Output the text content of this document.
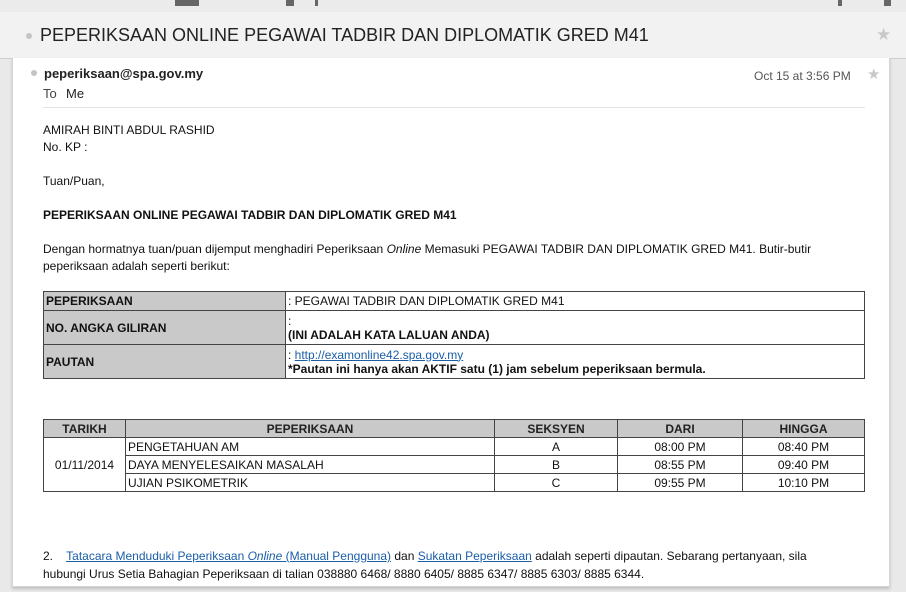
PEPERIKSAAN ONLINE PEGAWAI TADBIR DAN DIPLOMATIK GRED M41	★
peperiksaan@spa.gov.my
To Me
Oct 15 at 3:56 PM ★
AMIRAH BINTI ABDUL RASHID
No. KP :
Tuan/Puan,
PEPERIKSAAN ONLINE PEGAWAI TADBIR DAN DIPLOMATIK GRED M41
Dengan hormatnya tuan/puan dijemput menghadiri Peperiksaan Online Memasuki PEGAWAI TADBIR DAN DIPLOMATIK GRED M41. Butir-butir
peperiksaan adalah seperti berikut:
PEPERIKSAAN	: PEGAWAI TADBIR DAN DIPLOMATIK GRED M41
NO. ANGKA GILIRAN	:
(INI ADALAH KATA LALUAN ANDA)

PAUTAN	: http://examonline42.spa.gov.my
*Pautan ini hanya akan AKTIF satu (1) jam sebelum peperiksaan bermula.
TARIKH	PEPERIKSAAN	SEKSYEN	DARI	HINGGA
01/11/2014	PENGETAHUAN AM	A	08:00 PM	08:40 PM
	DAYA MENYELESAIKAN MASALAH	B	08:55 PM	09:40 PM
	UJIAN PSIKOMETRIK	C	09:55 PM	10:10 PM
2. Tatacara Menduduki Peperiksaan Online (Manual Pengguna) dan Sukatan Peperiksaan adalah seperti dipautan. Sebarang pertanyaan, sila
hubungi Urus Setia Bahagian Peperiksaan di talian 038880 6468/ 8880 6405/ 8885 6347/ 8885 6303/ 8885 6344.
